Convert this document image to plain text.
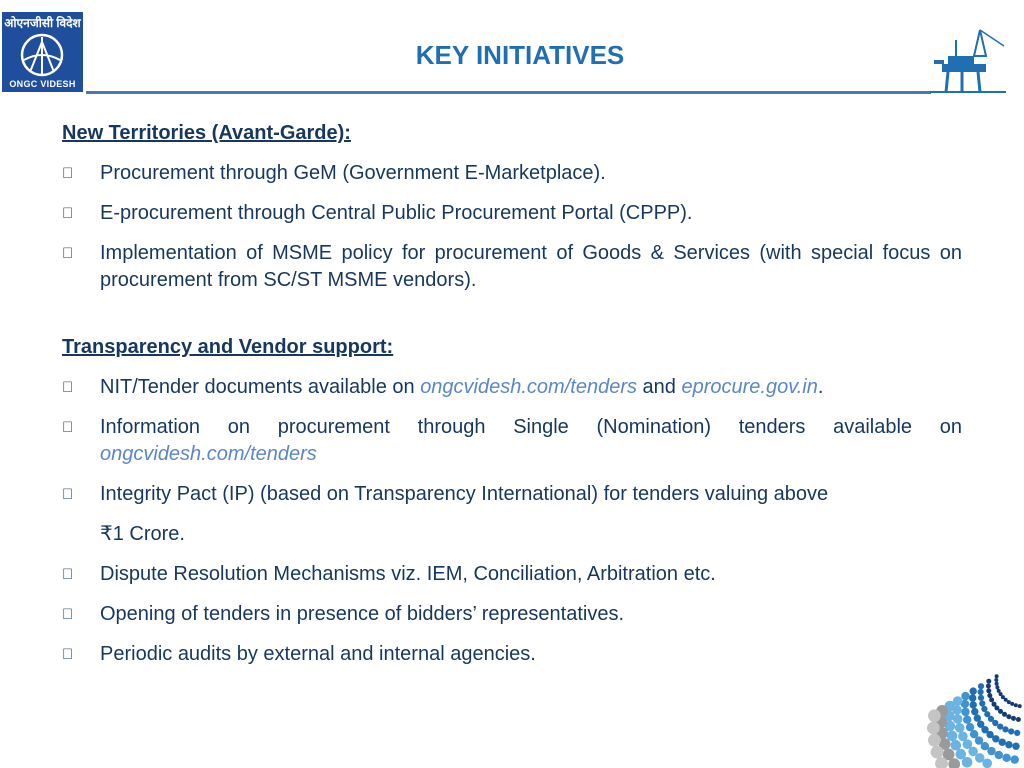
ओएनजीसी विदेश
ONGC VIDESH
KEY INITIATIVES
New Territories (Avant-Garde):
Procurement through GeM (Government E-Marketplace).
E-procurement through Central Public Procurement Portal (CPPP).
Implementation of MSME policy for procurement of Goods & Services (with special focus on procurement from SC/ST MSME vendors).
Transparency and Vendor support:
NIT/Tender documents available on ongcvidesh.com/tenders and eprocure.gov.in.
Information on procurement through Single (Nomination) tenders available on ongcvidesh.com/tenders
Integrity Pact (IP) (based on Transparency International) for tenders valuing above
₹1 Crore.
Dispute Resolution Mechanisms viz. IEM, Conciliation, Arbitration etc.
Opening of tenders in presence of bidders’ representatives.
Periodic audits by external and internal agencies.
